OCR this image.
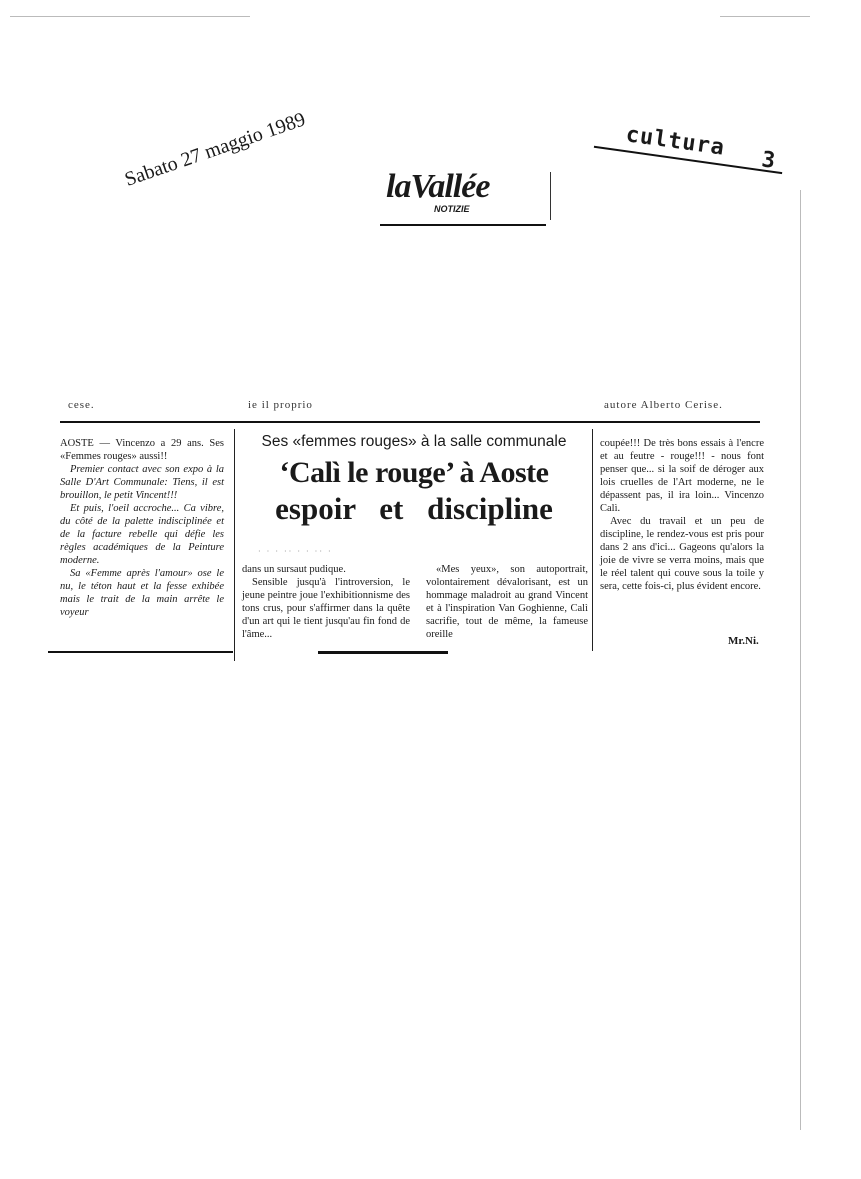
cultura 3
Sabato 27 maggio 1989	laVallée
NOTIZIE
cese.	ie il proprio	autore Alberto Cerise.

AOSTE — Vincenzo a 29 ans. Ses «Femmes rouges» aussi!!

Premier contact avec son expo à la Salle D'Art Communale: Tiens, il est brouillon, le petit Vincent!!!

Et puis, l'oeil accroche... Ca vibre, du côté de la palette indisciplinée et de la facture rebelle qui défie les règles académiques de la Peinture moderne.

Sa «Femme après l'amour» ose le nu, le téton haut et la fesse exhibée mais le trait de la main arrête le voyeur

Ses «femmes rouges» à la salle communale
‘Calì le rouge’ à Aoste
espoir et discipline
· · · ·· · · ·· ·

dans un sursaut pudique.

Sensible jusqu'à l'introversion, le jeune peintre joue l'exhibitionnisme des tons crus, pour s'affirmer dans la quête d'un art qui le tient jusqu'au fin fond de l'âme...

«Mes yeux», son autoportrait, volontairement dévalorisant, est un hommage maladroit au grand Vincent et à l'inspiration Van Goghienne, Calì sacrifie, tout de même, la fameuse oreille

coupée!!! De très bons essais à l'encre et au feutre - rouge!!! - nous font penser que... si la soif de déroger aux lois cruelles de l'Art moderne, ne le dépassent pas, il ira loin... Vincenzo Calì.

Avec du travail et un peu de discipline, le rendez-vous est pris pour dans 2 ans d'ici... Gageons qu'alors la joie de vivre se verra moins, mais que le réel talent qui couve sous la toile y sera, cette fois-ci, plus évident encore.

Mr.Ni.
